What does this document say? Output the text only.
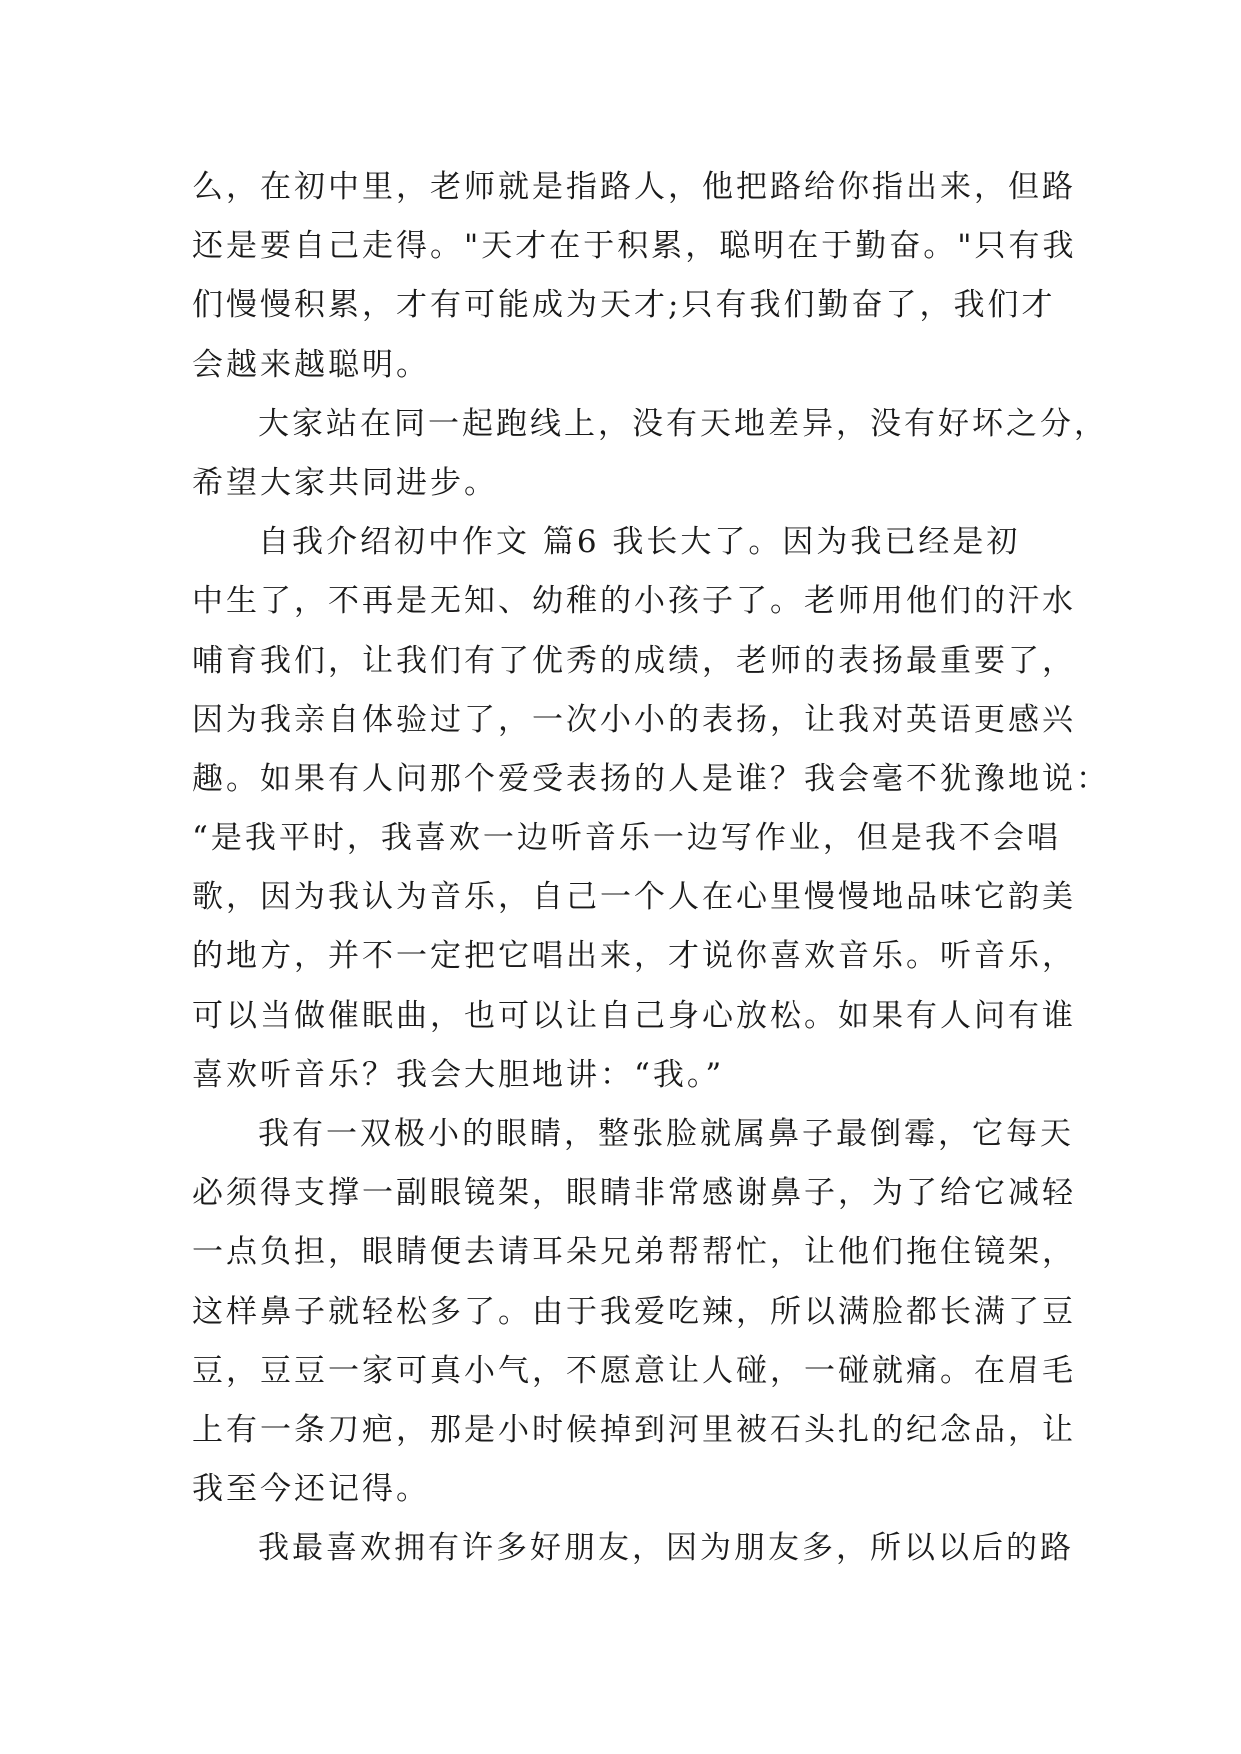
么，在初中里，老师就是指路人，他把路给你指出来，但路
还是要自己走得。"天才在于积累，聪明在于勤奋。"只有我
们慢慢积累，才有可能成为天才;只有我们勤奋了，我们才
会越来越聪明。
大家站在同一起跑线上，没有天地差异，没有好坏之分，
希望大家共同进步。
自我介绍初中作文 篇6 我长大了。因为我已经是初
中生了，不再是无知、幼稚的小孩子了。老师用他们的汗水
哺育我们，让我们有了优秀的成绩，老师的表扬最重要了，
因为我亲自体验过了，一次小小的表扬，让我对英语更感兴
趣。如果有人问那个爱受表扬的人是谁？我会毫不犹豫地说：
“是我平时，我喜欢一边听音乐一边写作业，但是我不会唱
歌，因为我认为音乐，自己一个人在心里慢慢地品味它韵美
的地方，并不一定把它唱出来，才说你喜欢音乐。听音乐，
可以当做催眠曲，也可以让自己身心放松。如果有人问有谁
喜欢听音乐？我会大胆地讲：“我。”
我有一双极小的眼睛，整张脸就属鼻子最倒霉，它每天
必须得支撑一副眼镜架，眼睛非常感谢鼻子，为了给它减轻
一点负担，眼睛便去请耳朵兄弟帮帮忙，让他们拖住镜架，
这样鼻子就轻松多了。由于我爱吃辣，所以满脸都长满了豆
豆，豆豆一家可真小气，不愿意让人碰，一碰就痛。在眉毛
上有一条刀疤，那是小时候掉到河里被石头扎的纪念品，让
我至今还记得。
我最喜欢拥有许多好朋友，因为朋友多，所以以后的路
